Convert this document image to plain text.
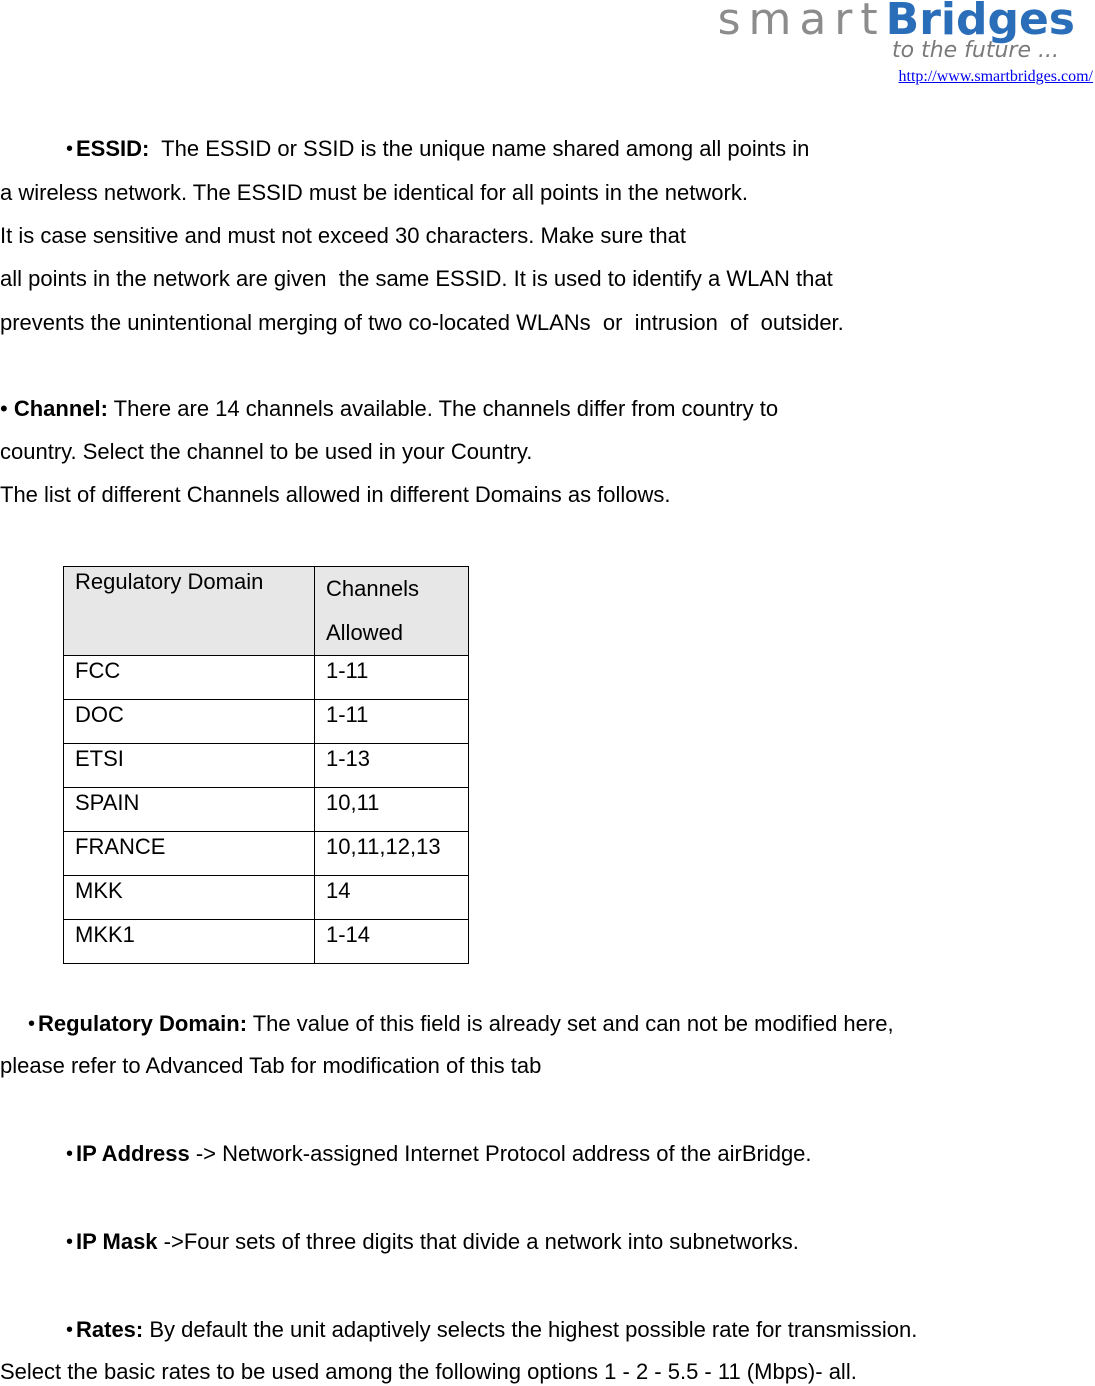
smartBridges
to the future ...
http://www.smartbridges.com/
• ESSID:  The ESSID or SSID is the unique name shared among all points in
a wireless network. The ESSID must be identical for all points in the network.
It is case sensitive and must not exceed 30 characters. Make sure that
all points in the network are given  the same ESSID. It is used to identify a WLAN that
prevents the unintentional merging of two co-located WLANs  or  intrusion  of  outsider.
• Channel: There are 14 channels available. The channels differ from country to
country. Select the channel to be used in your Country.
The list of different Channels allowed in different Domains as follows.
Regulatory Domain	Channels
Allowed

FCC	1-11
DOC	1-11
ETSI	1-13
SPAIN	10,11
FRANCE	10,11,12,13
MKK	14
MKK1	1-14
• Regulatory Domain: The value of this field is already set and can not be modified here,
please refer to Advanced Tab for modification of this tab
• IP Address -> Network-assigned Internet Protocol address of the airBridge.
• IP Mask ->Four sets of three digits that divide a network into subnetworks.
• Rates: By default the unit adaptively selects the highest possible rate for transmission.
Select the basic rates to be used among the following options 1 - 2 - 5.5 - 11 (Mbps)- all.
